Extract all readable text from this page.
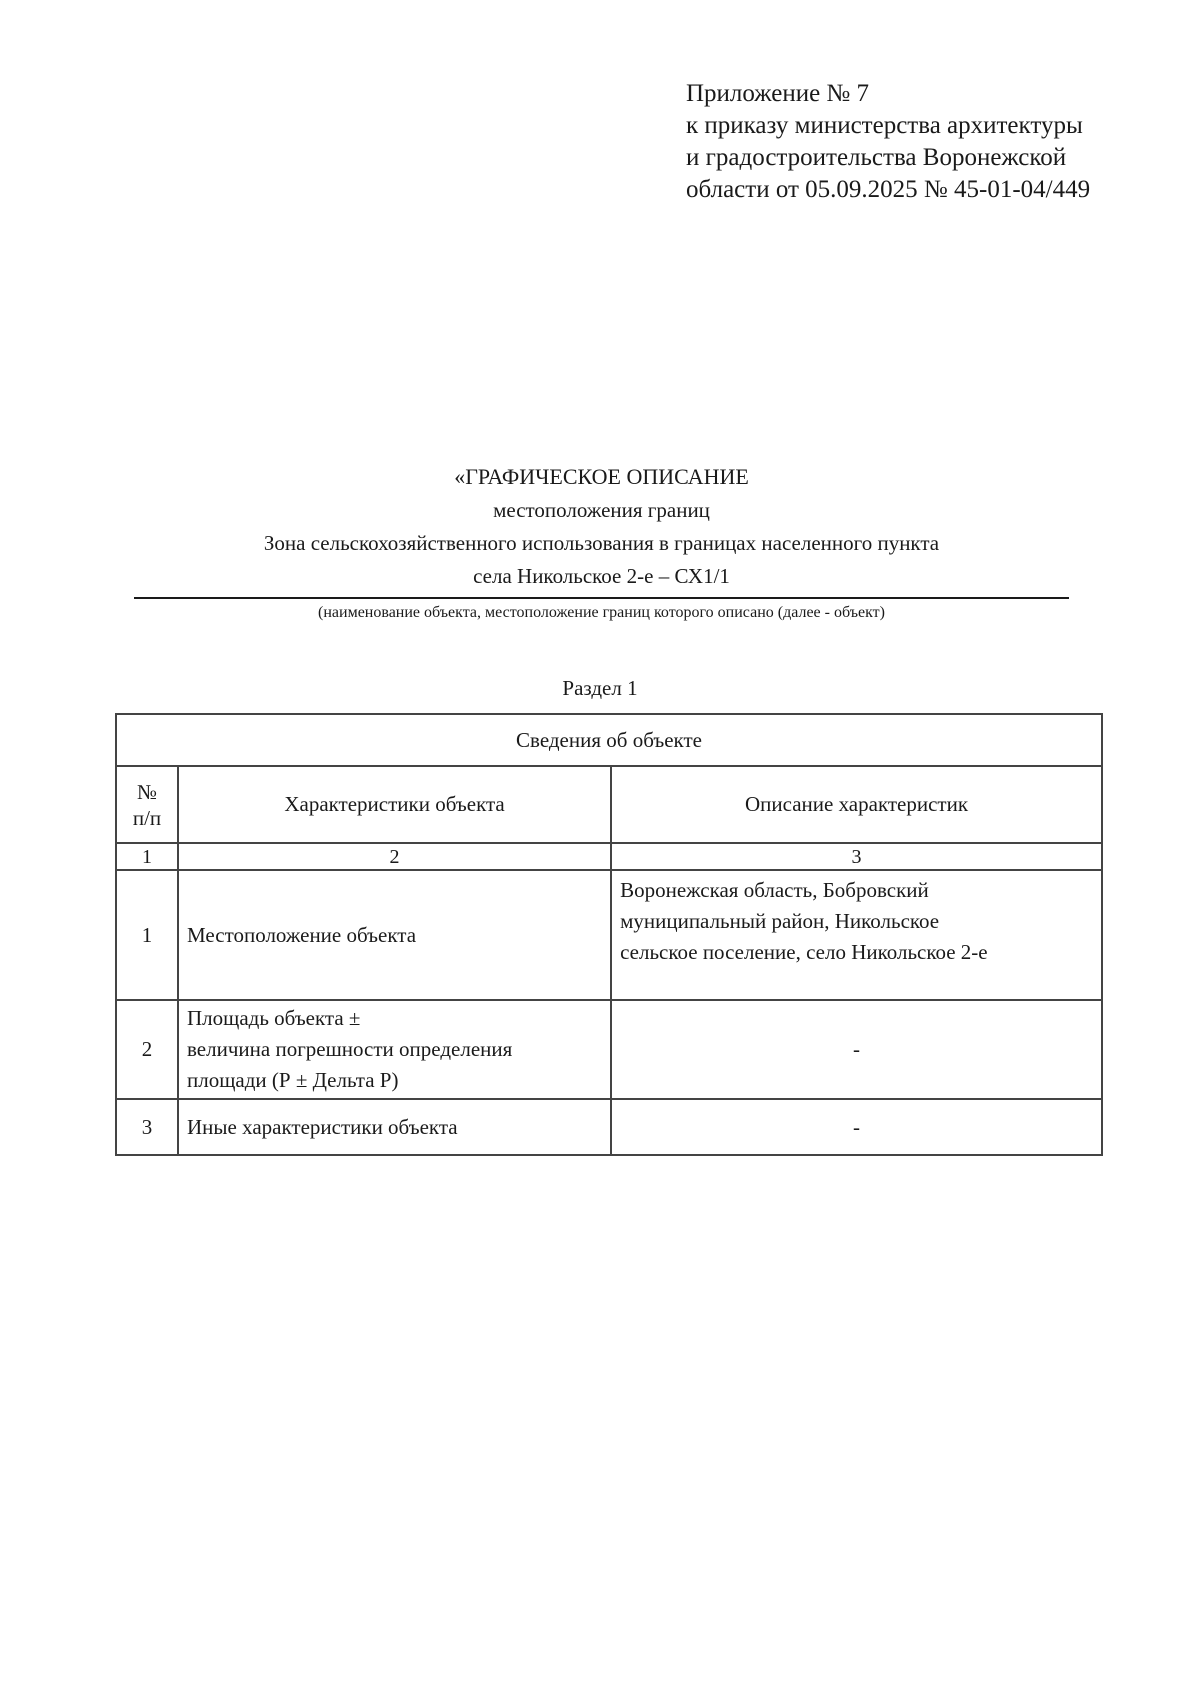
Приложение № 7
к приказу министерства архитектуры
и градостроительства Воронежской
области от 05.09.2025 № 45-01-04/449
«ГРАФИЧЕСКОЕ ОПИСАНИЕ
местоположения границ
Зона сельскохозяйственного использования в границах населенного пункта
села Никольское 2-е – СХ1/1
(наименование объекта, местоположение границ которого описано (далее - объект)
Раздел 1
Сведения об объекте		

№
п/п	Характеристики объекта	Описание характеристик
1	2	3
1	Местоположение объекта	Воронежская область, Бобровский
муниципальный район, Никольское
сельское поселение, село Никольское 2-е

2	Площадь объекта ±
величина погрешности определения
площади (Р ± Дельта Р)	-

3	Иные характеристики объекта	-
